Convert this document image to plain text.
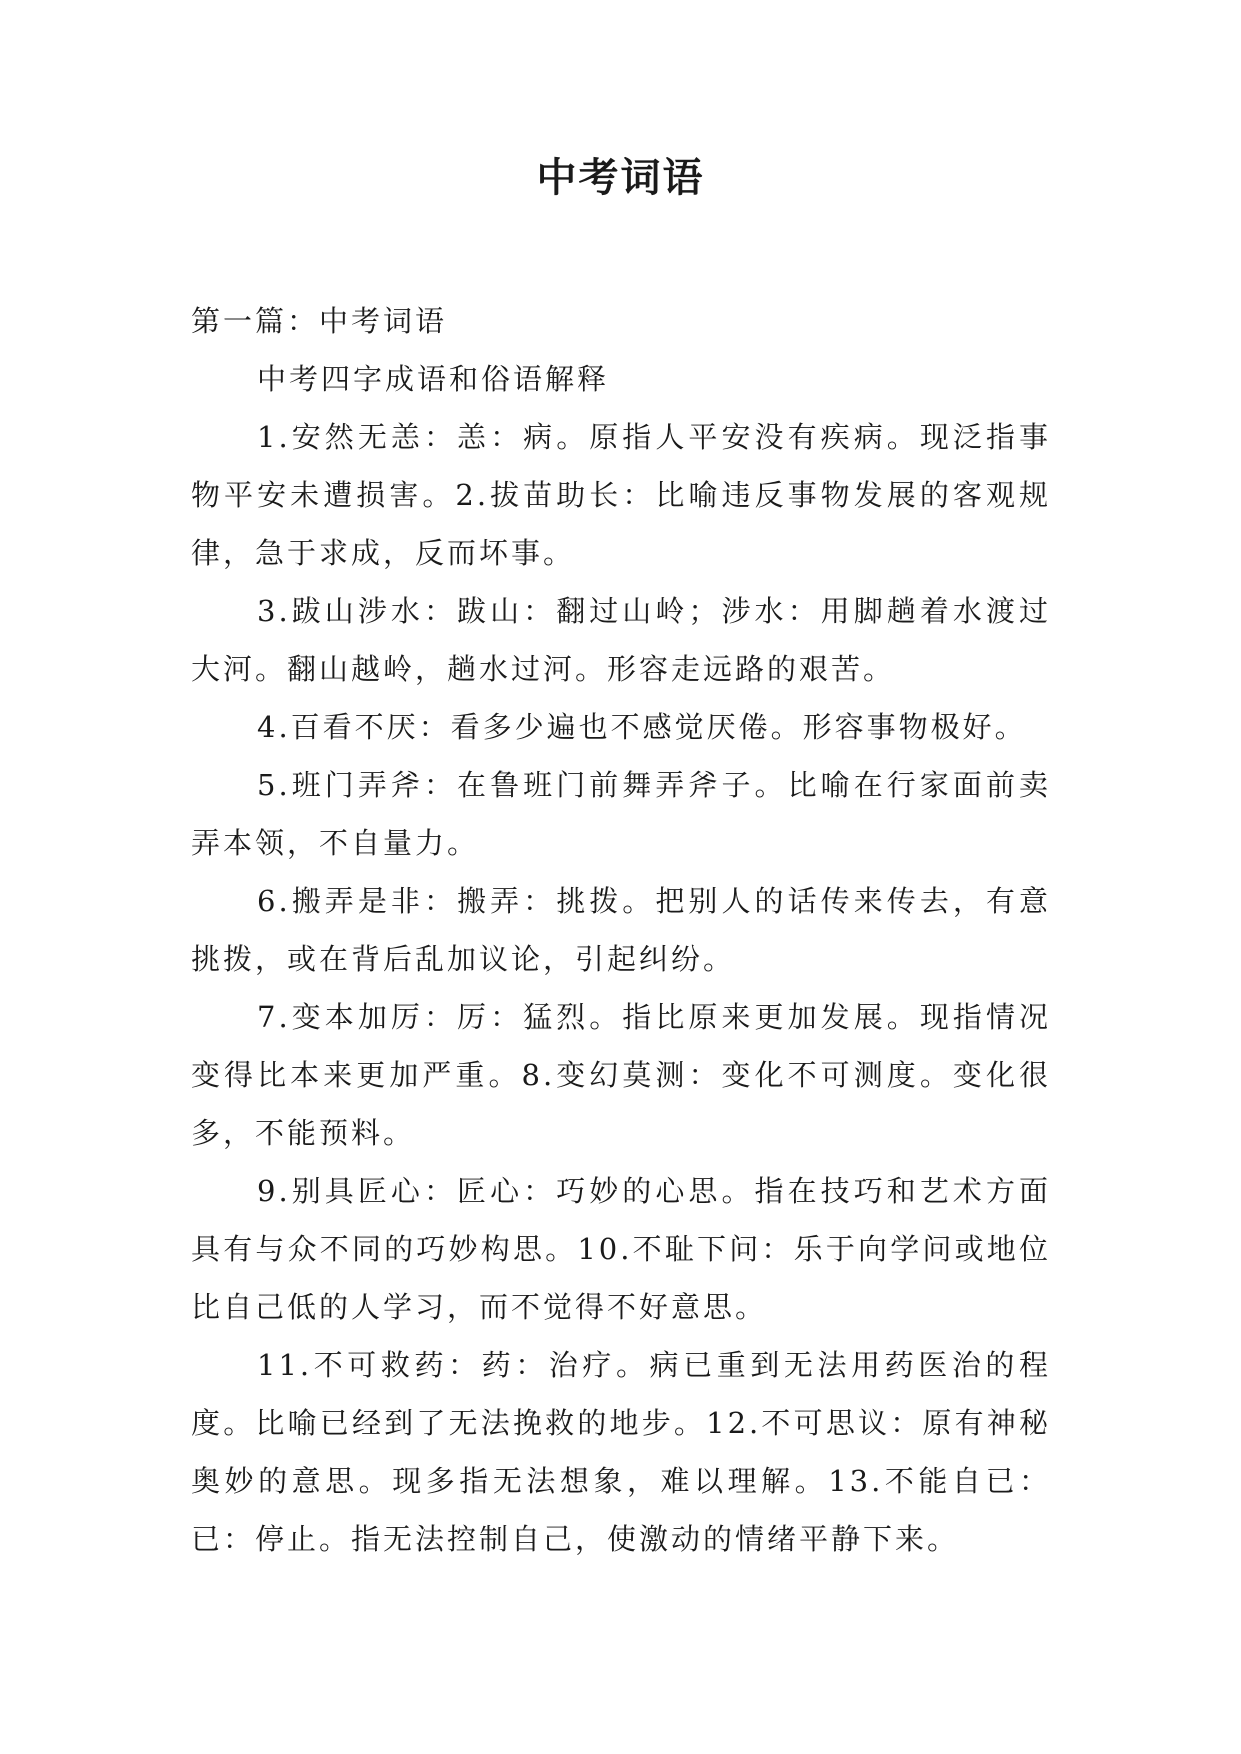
中考词语

第一篇：中考词语

中考四字成语和俗语解释

1.安然无恙：恙：病。原指人平安没有疾病。现泛指事物平安未遭损害。2.拔苗助长：比喻违反事物发展的客观规律，急于求成，反而坏事。

3.跋山涉水：跋山：翻过山岭；涉水：用脚趟着水渡过大河。翻山越岭，趟水过河。形容走远路的艰苦。

4.百看不厌：看多少遍也不感觉厌倦。形容事物极好。

5.班门弄斧：在鲁班门前舞弄斧子。比喻在行家面前卖弄本领，不自量力。

6.搬弄是非：搬弄：挑拨。把别人的话传来传去，有意挑拨，或在背后乱加议论，引起纠纷。

7.变本加厉：厉：猛烈。指比原来更加发展。现指情况变得比本来更加严重。8.变幻莫测：变化不可测度。变化很多，不能预料。

9.别具匠心：匠心：巧妙的心思。指在技巧和艺术方面具有与众不同的巧妙构思。10.不耻下问：乐于向学问或地位比自己低的人学习，而不觉得不好意思。

11.不可救药：药：治疗。病已重到无法用药医治的程度。比喻已经到了无法挽救的地步。12.不可思议：原有神秘奥妙的意思。现多指无法想象，难以理解。13.不能自已：已：停止。指无法控制自己，使激动的情绪平静下来。
